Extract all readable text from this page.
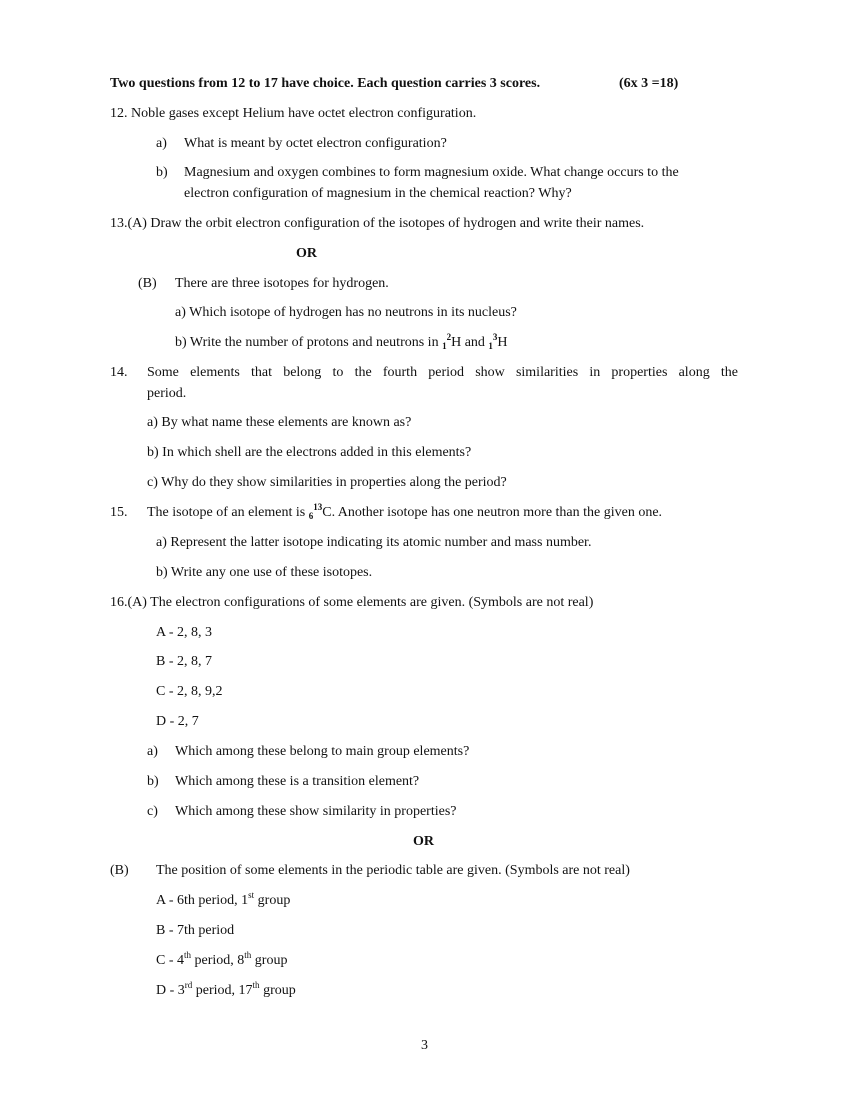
Two questions from 12 to 17 have choice. Each question carries 3 scores.	(6x 3 =18)
12. Noble gases except Helium have octet electron configuration.
a) What is meant by octet electron configuration?
b) Magnesium and oxygen combines to form magnesium oxide. What change occurs to the
electron configuration of magnesium in the chemical reaction? Why?
13.(A) Draw the orbit electron configuration of the isotopes of hydrogen and write their names.
OR
(B) There are three isotopes for hydrogen.
a) Which isotope of hydrogen has no neutrons in its nucleus?
b) Write the number of protons and neutrons in $_1^2$H and $_1^3$H
14. Some elements that belong to the fourth period show similarities in properties along the
period.
a) By what name these elements are known as?
b) In which shell are the electrons added in this elements?
c) Why do they show similarities in properties along the period?
15. The isotope of an element is $_6^{13}$C. Another isotope has one neutron more than the given one.
a) Represent the latter isotope indicating its atomic number and mass number.
b) Write any one use of these isotopes.
16.(A) The electron configurations of some elements are given. (Symbols are not real)
A - 2, 8, 3
B - 2, 8, 7
C - 2, 8, 9,2
D - 2, 7
a) Which among these belong to main group elements?
b) Which among these is a transition element?
c) Which among these show similarity in properties?
OR
(B) The position of some elements in the periodic table are given. (Symbols are not real)
A - 6th period, 1st group
B - 7th period
C - 4th period, 8th group
D - 3rd period, 17th group
3
